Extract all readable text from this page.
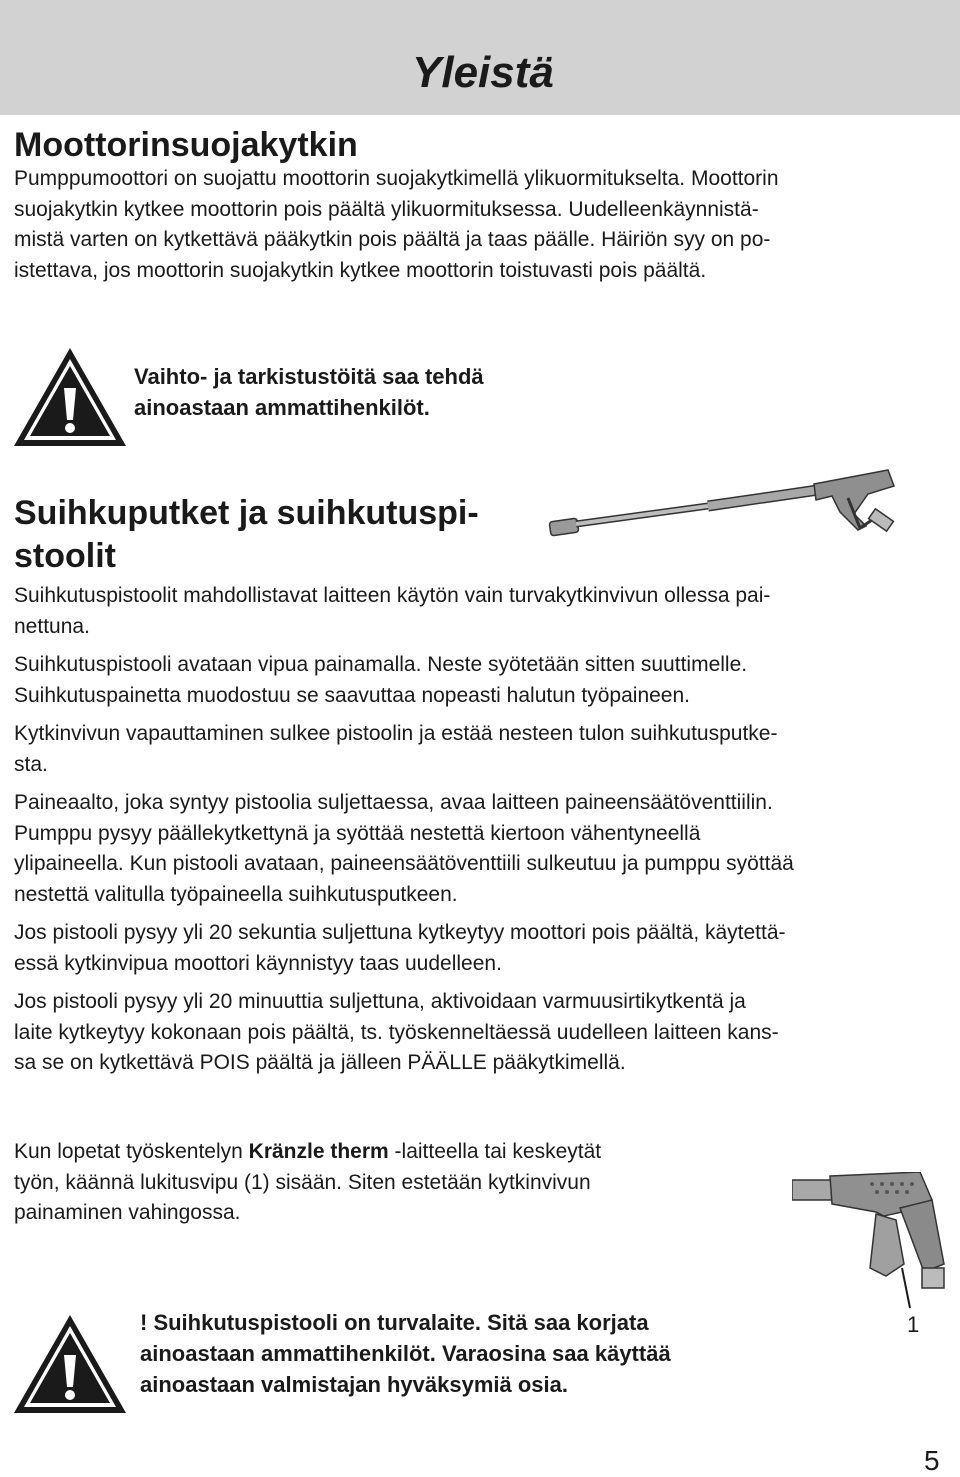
Yleistä
Moottorinsuojakytkin

Pumppumoottori on suojattu moottorin suojakytkimellä ylikuormitukselta. Moottorin
suojakytkin kytkee moottorin pois päältä ylikuormituksessa. Uudelleenkäynnistä-
mistä varten on kytkettävä pääkytkin pois päältä ja taas päälle. Häiriön syy on po-
istettava, jos moottorin suojakytkin kytkee moottorin toistuvasti pois päältä.

Vaihto- ja tarkistustöitä saa tehdä
ainoastaan ammattihenkilöt.
Suihkuputket ja suihkutuspi-
stoolit

Suihkutuspistoolit mahdollistavat laitteen käytön vain turvakytkinvivun ollessa pai-
nettuna.

Suihkutuspistooli avataan vipua painamalla. Neste syötetään sitten suuttimelle.
Suihkutuspainetta muodostuu se saavuttaa nopeasti halutun työpaineen.

Kytkinvivun vapauttaminen sulkee pistoolin ja estää nesteen tulon suihkutusputke-
sta.

Paineaalto, joka syntyy pistoolia suljettaessa, avaa laitteen paineensäätöventtiilin.
Pumppu pysyy päällekytkettynä ja syöttää nestettä kiertoon vähentyneellä
ylipaineella. Kun pistooli avataan, paineensäätöventtiili sulkeutuu ja pumppu syöttää
nestettä valitulla työpaineella suihkutusputkeen.

Jos pistooli pysyy yli 20 sekuntia suljettuna kytkeytyy moottori pois päältä, käytettä-
essä kytkinvipua moottori käynnistyy taas uudelleen.

Jos pistooli pysyy yli 20 minuuttia suljettuna, aktivoidaan varmuusirtikytkentä ja
laite kytkeytyy kokonaan pois päältä, ts. työskenneltäessä uudelleen laitteen kans-
sa se on kytkettävä POIS päältä ja jälleen PÄÄLLE pääkytkimellä.

Kun lopetat työskentelyn Kränzle therm -laitteella tai keskeytät
työn, käännä lukitusvipu (1) sisään. Siten estetään kytkinvivun
painaminen vahingossa.

1
! Suihkutuspistooli on turvalaite. Sitä saa korjata
ainoastaan ammattihenkilöt. Varaosina saa käyttää
ainoastaan valmistajan hyväksymiä osia.
5
